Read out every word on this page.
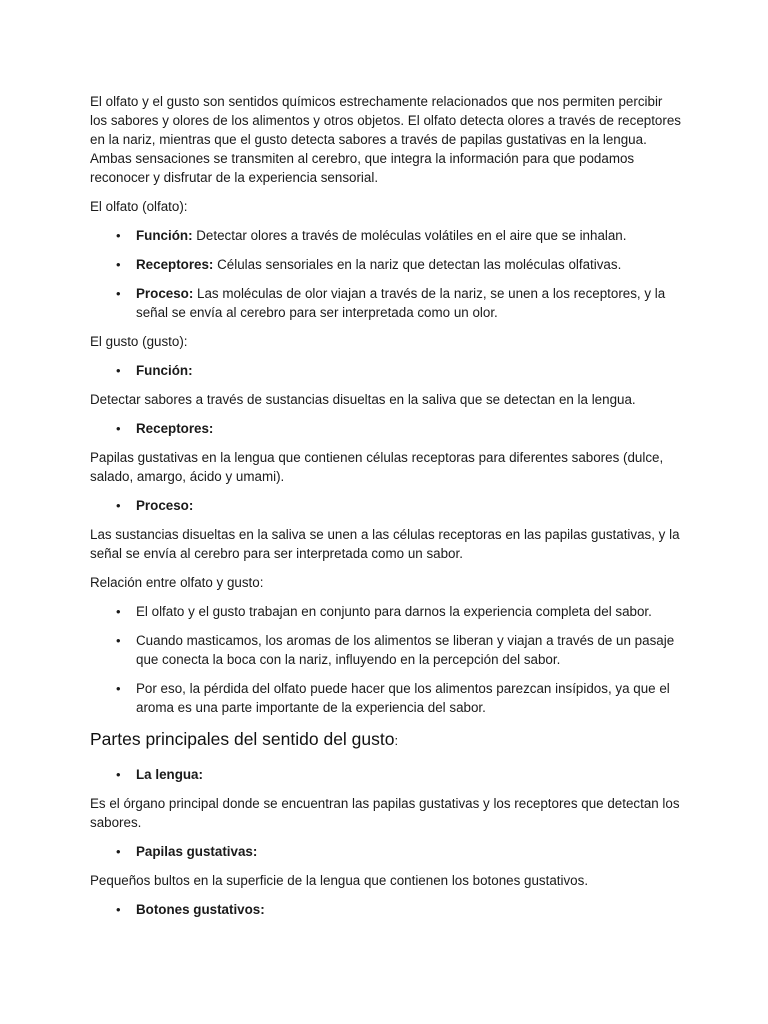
El olfato y el gusto son sentidos químicos estrechamente relacionados que nos permiten percibir los sabores y olores de los alimentos y otros objetos. El olfato detecta olores a través de receptores en la nariz, mientras que el gusto detecta sabores a través de papilas gustativas en la lengua. Ambas sensaciones se transmiten al cerebro, que integra la información para que podamos reconocer y disfrutar de la experiencia sensorial.

El olfato (olfato):

• Función: Detectar olores a través de moléculas volátiles en el aire que se inhalan.
• Receptores: Células sensoriales en la nariz que detectan las moléculas olfativas.
• Proceso: Las moléculas de olor viajan a través de la nariz, se unen a los receptores, y la señal se envía al cerebro para ser interpretada como un olor.

El gusto (gusto):

• Función:

Detectar sabores a través de sustancias disueltas en la saliva que se detectan en la lengua.

• Receptores:

Papilas gustativas en la lengua que contienen células receptoras para diferentes sabores (dulce, salado, amargo, ácido y umami).

• Proceso:

Las sustancias disueltas en la saliva se unen a las células receptoras en las papilas gustativas, y la señal se envía al cerebro para ser interpretada como un sabor.

Relación entre olfato y gusto:

• El olfato y el gusto trabajan en conjunto para darnos la experiencia completa del sabor.
• Cuando masticamos, los aromas de los alimentos se liberan y viajan a través de un pasaje que conecta la boca con la nariz, influyendo en la percepción del sabor.
• Por eso, la pérdida del olfato puede hacer que los alimentos parezcan insípidos, ya que el aroma es una parte importante de la experiencia del sabor.
Partes principales del sentido del gusto:
• La lengua:

Es el órgano principal donde se encuentran las papilas gustativas y los receptores que detectan los sabores.

• Papilas gustativas:

Pequeños bultos en la superficie de la lengua que contienen los botones gustativos.

• Botones gustativos:
